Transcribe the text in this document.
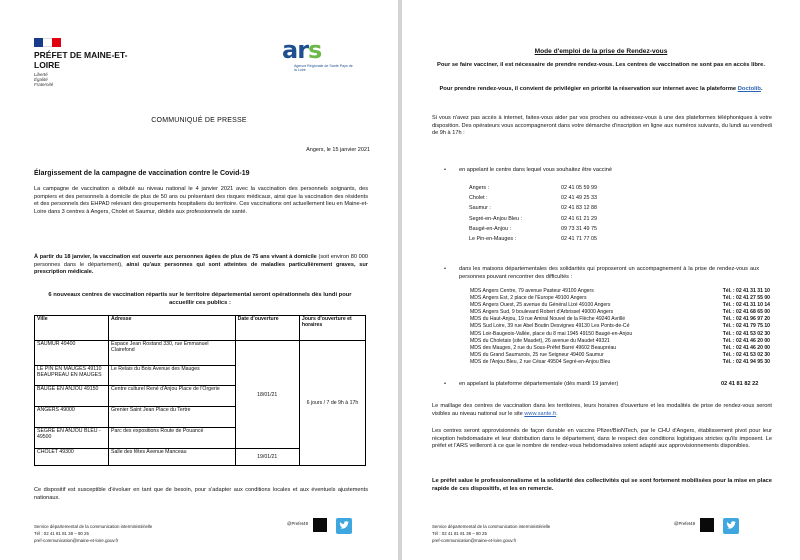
PRÉFET DE MAINE-ET-LOIRE
Liberté
Égalité
Fraternité
ars
Agence Régionale de Santé Pays de la Loire
COMMUNIQUÉ DE PRESSE
Angers, le 15 janvier 2021
Élargissement de la campagne de vaccination contre le Covid-19
La campagne de vaccination a débuté au niveau national le 4 janvier 2021 avec la vaccination des personnels soignants, des pompiers et des personnels à domicile de plus de 50 ans ou présentant des risques médicaux, ainsi que la vaccination des résidents et des personnels des EHPAD relevant des groupements hospitaliers du territoire. Ces vaccinations ont actuellement lieu en Maine-et-Loire dans 3 centres à Angers, Cholet et Saumur, dédiés aux professionnels de santé.
À partir du 18 janvier, la vaccination est ouverte aux personnes âgées de plus de 75 ans vivant à domicile (soit environ 80 000 personnes dans le département), ainsi qu'aux personnes qui sont atteintes de maladies particulièrement graves, sur prescription médicale.
6 nouveaux centres de vaccination répartis sur le territoire départemental seront opérationnels dès lundi pour accueillir ces publics :
Ville	Adresse	Date d'ouverture	Jours d'ouverture et horaires
SAUMUR 49400	Espace Jean Rostand 330, rue Emmanuel Clairefond	18/01/21	6 jours / 7 de 9h à 17h
LE PIN EN MAUGES 49110 BEAUPREAU EN MAUGES	Le Relais du Bois Avenue des Mauges		
BAUGE EN ANJOU 49150	Centre culturel René d'Anjou Place de l'Orgerie		
ANGERS 49000	Grenier Saint Jean Place du Tertre		
SEGRE EN ANJOU BLEU - 49500	Parc des expositions Route de Pouancé		
CHOLET 49300	Salle des fêtes Avenue Manceau	19/01/21	
Ce dispositif est susceptible d'évoluer en tant que de besoin, pour s'adapter aux conditions locales et aux éventuels ajustements nationaux.
Service départemental de la communication interministérielle
Tél : 02 41 81 81 38 – 80 25
pref-communication@maine-et-loire.gouv.fr
@Prefet49
Mode d'emploi de la prise de Rendez-vous
Pour se faire vacciner, il est nécessaire de prendre rendez-vous. Les centres de vaccination ne sont pas en accès libre.
Pour prendre rendez-vous, il convient de privilégier en priorité la réservation sur internet avec la plateforme Doctolib.
Si vous n'avez pas accès à internet, faites-vous aider par vos proches ou adressez-vous à une des plateformes téléphoniques à votre disposition. Des opérateurs vous accompagneront dans votre démarche d'inscription en ligne aux numéros suivants, du lundi au vendredi de 9h à 17h :
• en appelant le centre dans lequel vous souhaitez être vacciné
Angers :	02 41 05 59 99
Cholet :	02 41 49 25 33
Saumur :	02 41 83 12 88
Segré-en-Anjou Bleu :	02 41 61 21 29
Baugé-en-Anjou :	09 73 31 49 75
Le Pin-en-Mauges :	02 41 71 77 05
• dans les maisons départementales des solidarités qui proposeront un accompagnement à la prise de rendez-vous aux personnes pouvant rencontrer des difficultés :
MDS Angers Centre, 79 avenue Pasteur 49100 Angers	Tél. : 02 41 31 31 10
MDS Angers Est, 2 place de l'Europe 49100 Angers	Tél. : 02 41 27 55 00
MDS Angers Ouest, 25 avenue du Général Lizé 49100 Angers	Tél. : 02 41 31 10 14
MDS Angers Sud, 9 boulevard Robert d'Arbrissel 49000 Angers	Tél. : 02 41 68 65 00
MDS du Haut-Anjou, 19 rue Amiral Nouvel de la Flèche 49240 Avrillé	Tél. : 02 41 96 97 20
MDS Sud Loire, 39 rue Abel Boutin Desvignes 49130 Les Ponts-de-Cé	Tél. : 02 41 79 75 10
MDS Loir-Baugeois-Vallée, place du 8 mai 1945 49150 Baugé-en-Anjou	Tél. : 02 41 53 02 30
MDS du Choletais (site Maudet), 26 avenue du Maudet 49321	Tél. : 02 41 46 20 00
MDS des Mauges, 2 rue du Sous-Préfet Barré 49602 Beaupréau	Tél. : 02 41 46 20 00
MDS du Grand Saumurois, 25 rue Seigneur 49400 Saumur	Tél. : 02 41 53 02 30
MDS de l'Anjou Bleu, 2 rue César 49504 Segré-en-Anjou Bleu	Tél. : 02 41 94 95 30
• en appelant la plateforme départementale (dès mardi 19 janvier)	02 41 81 82 22
Le maillage des centres de vaccination dans les territoires, leurs horaires d'ouverture et les modalités de prise de rendez-vous seront visibles au niveau national sur le site www.sante.fr.
Les centres seront approvisionnés de façon durable en vaccins Pfizer/BioNTech, par le CHU d'Angers, établissement pivot pour leur réception hebdomadaire et leur distribution dans le département, dans le respect des conditions logistiques strictes qu'ils imposent. Le préfet et l'ARS veilleront à ce que le nombre de rendez-vous hebdomadaires soient adapté aux approvisionnements disponibles.
Le préfet salue le professionnalisme et la solidarité des collectivités qui se sont fortement mobilisées pour la mise en place rapide de ces dispositifs, et les en remercie.
Service départemental de la communication interministérielle
Tél : 02 41 81 81 38 – 80 25
pref-communication@maine-et-loire.gouv.fr
@Prefet49
